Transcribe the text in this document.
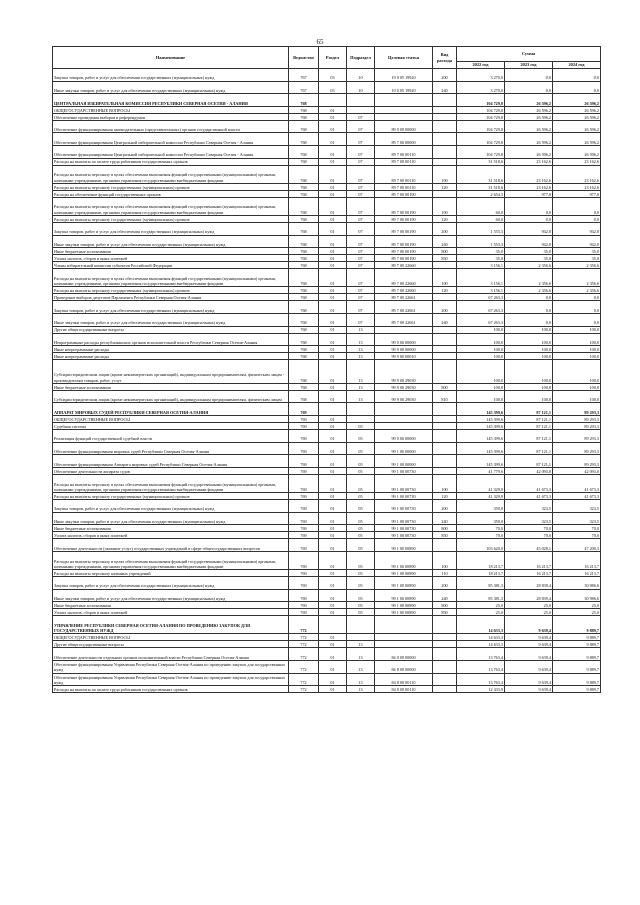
65
Наименование	Ведомство	Раздел	Подраздел	Целевая статья	Вид расхода	Сумма		
						2022 год	2023 год	2024 год
Закупка товаров, работ и услуг для обеспечения государственных (муниципальных) нужд	767	03	10	19 0 05 19920	200	3 270,0	0,0	0,0
Иные закупки товаров, работ и услуг для обеспечения государственных (муниципальных) нужд	767	03	10	19 0 05 19920	240	3 270,0	0,0	0,0
ЦЕНТРАЛЬНАЯ ИЗБИРАТЕЛЬНАЯ КОМИССИЯ РЕСПУБЛИКИ СЕВЕРНАЯ ОСЕТИЯ - АЛАНИЯ	768					104 729,8	26 596,2	26 596,2
ОБЩЕГОСУДАРСТВЕННЫЕ ВОПРОСЫ	768	01				104 729,8	26 596,2	26 596,2
Обеспечение проведения выборов и референдумов	768	01	07			104 729,8	26 596,2	26 596,2
Обеспечение функционирования законодательных (представительных) органов государственной власти	768	01	07	89 0 00 00000		104 729,8	26 596,2	26 596,2
Обеспечение функционирования Центральной избирательной комиссии Республики Северная Осетия - Алания	768	01	07	89 7 00 00000		104 729,8	26 596,2	26 596,2
Обеспечение функционирования Центральной избирательной комиссии Республики Северная Осетия - Алания	768	01	07	89 7 00 00110		104 729,8	26 596,2	26 596,2
Расходы на выплаты по оплате труда работников государственных органов	768	01	07	89 7 00 00110		31 518,6	23 162,6	23 162,6
Расходы на выплаты персоналу в целях обеспечения выполнения функций государственными (муниципальными) органами, казенными учреждениями, органами управления государственными внебюджетными фондами	768	01	07	89 7 00 00110	100	31 518,6	23 162,6	23 162,6
Расходы на выплаты персоналу государственных (муниципальных) органов	768	01	07	89 7 00 00110	120	31 518,6	23 162,6	23 162,6
Расходы на обеспечение функций государственных органов	768	01	07	89 7 00 00190		2 654,3	977,0	977,0
Расходы на выплаты персоналу в целях обеспечения выполнения функций государственными (муниципальными) органами, казенными учреждениями, органами управления государственными внебюджетными фондами	768	01	07	89 7 00 00190	100	60,0	0,0	0,0
Расходы на выплаты персоналу государственных (муниципальных) органов	768	01	07	89 7 00 00190	120	60,0	0,0	0,0
Закупка товаров, работ и услуг для обеспечения государственных (муниципальных) нужд	768	01	07	89 7 00 00190	200	1 553,3	942,0	942,0
Иные закупки товаров, работ и услуг для обеспечения государственных (муниципальных) нужд	768	01	07	89 7 00 00190	240	1 553,3	942,0	942,0
Иные бюджетные ассигнования	768	01	07	89 7 00 00190	800	35,0	35,0	35,0
Уплата налогов, сборов и иных платежей	768	01	07	89 7 00 00190	850	35,0	35,0	35,0
Члены избирательной комиссии субъектов Российской Федерации	768	01	07	89 7 00 22660		3 156,1	2 356,6	2 356,6
Расходы на выплаты персоналу в целях обеспечения выполнения функций государственными (муниципальными) органами, казенными учреждениями, органами управления государственными внебюджетными фондами	768	01	07	89 7 00 22660	100	3 156,1	2 356,6	2 356,6
Расходы на выплаты персоналу государственных (муниципальных) органов	768	01	07	89 7 00 22660	120	3 156,1	2 356,6	2 356,6
Проведение выборов депутатов Парламента Республики Северная Осетия-Алания	768	01	07	89 7 00 22661		67 263,3	0,0	0,0
Закупка товаров, работ и услуг для обеспечения государственных (муниципальных) нужд	768	01	07	89 7 00 22661	200	67 263,3	0,0	0,0
Иные закупки товаров, работ и услуг для обеспечения государственных (муниципальных) нужд	768	01	07	89 7 00 22661	240	67 263,3	0,0	0,0
Другие общегосударственные вопросы	768	01	13			100,0	100,0	100,0
Непрограммные расходы республиканских органов исполнительной власти Республики Северная Осетия-Алания	768	01	13	99 0 00 00000		100,0	100,0	100,0
Иные непрограммные расходы	768	01	13	99 9 00 00000		100,0	100,0	100,0
Иные непрограммные расходы	768	01	13	99 9 00 00010		100,0	100,0	100,0
Субсидии юридическим лицам (кроме некоммерческих организаций), индивидуальным предпринимателям, физическим лицам - производителям товаров, работ, услуг	768	01	13	99 9 00 29030		100,0	100,0	100,0
Иные бюджетные ассигнования	768	01	13	99 9 00 29030	800	100,0	100,0	100,0
Субсидии юридическим лицам (кроме некоммерческих организаций), индивидуальным предпринимателям, физическим лицам	768	01	13	99 9 00 29030	810	100,0	100,0	100,0
АППАРАТ МИРОВЫХ СУДЕЙ РЕСПУБЛИКИ СЕВЕРНАЯ ОСЕТИЯ-АЛАНИЯ	769					145 399,6	87 121,1	89 293,3
ОБЩЕГОСУДАРСТВЕННЫЕ ВОПРОСЫ	769	01				145 399,6	87 121,1	89 293,3
Судебная система	769	01	05			145 399,6	87 121,1	89 293,3
Реализация функций государственной судебной власти	769	01	05	99 0 00 00000		145 399,6	87 121,1	89 293,3
Обеспечение функционирования мировых судей Республики Северная Осетия-Алания	769	01	05	99 1 00 00000		145 399,6	87 121,1	89 293,3
Обеспечение функционирования Аппарата мировых судей Республики Северная Осетия-Алания	769	01	05	99 1 00 00000		145 399,6	87 121,1	89 293,3
Обеспечение деятельности аппарата судов	769	01	05	99 1 00 00730		41 779,6	42 093,0	42 093,0
Расходы на выплаты персоналу в целях обеспечения выполнения функций государственными (муниципальными) органами, казенными учреждениями, органами управления государственными внебюджетными фондами	769	01	05	99 1 00 00730	100	41 329,9	41 673,3	41 673,3
Расходы на выплаты персоналу государственных (муниципальных) органов	769	01	05	99 1 00 00730	120	41 329,9	41 673,3	41 673,3
Закупка товаров, работ и услуг для обеспечения государственных (муниципальных) нужд	769	01	05	99 1 00 00730	200	350,0	323,5	323,5
Иные закупки товаров, работ и услуг для обеспечения государственных (муниципальных) нужд	769	01	05	99 1 00 00730	240	350,0	323,5	323,5
Иные бюджетные ассигнования	769	01	05	99 1 00 00730	800	70,0	70,0	70,0
Уплата налогов, сборов и иных платежей	769	01	05	99 1 00 00730	850	70,0	70,0	70,0
Обеспечение деятельности (оказание услуг) государственных учреждений в сфере общегосударственных вопросов	769	01	05	99 1 00 00890		103 620,0	45 028,1	47 200,3
Расходы на выплаты персоналу в целях обеспечения выполнения функций государственными (муниципальными) органами, казенными учреждениями, органами управления государственными внебюджетными фондами	769	01	05	99 1 00 00890	100	18 213,7	16 213,7	16 213,7
Расходы на выплаты персоналу казенных учреждений	769	01	05	99 1 00 00890	110	18 213,7	16 213,7	16 213,7
Закупка товаров, работ и услуг для обеспечения государственных (муниципальных) нужд	769	01	05	99 1 00 00890	200	85 381,3	28 839,4	30 986,6
Иные закупки товаров, работ и услуг для обеспечения государственных (муниципальных) нужд	769	01	05	99 1 00 00890	240	85 381,3	28 839,4	30 986,6
Иные бюджетные ассигнования	769	01	05	99 1 00 00890	800	25,0	25,0	25,0
Уплата налогов, сборов и иных платежей	769	01	05	99 1 00 00890	850	25,0	25,0	25,0
УПРАВЛЕНИЕ РЕСПУБЛИКИ СЕВЕРНАЯ ОСЕТИЯ-АЛАНИЯ ПО ПРОВЕДЕНИЮ ЗАКУПОК ДЛЯ ГОСУДАРСТВЕННЫХ НУЖД	772					14 633,3	9 639,4	9 889,7
ОБЩЕГОСУДАРСТВЕННЫЕ ВОПРОСЫ	772	01				14 633,3	9 639,4	9 889,7
Другие общегосударственные вопросы	772	01	13			14 633,3	9 639,4	9 889,7
Обеспечение деятельности отдельных органов исполнительной власти Республики Северная Осетия-Алания	772	01	13	84 0 00 00000		13 763,4	9 639,4	9 889,7
Обеспечение функционирования Управления Республики Северная Осетия-Алания по проведению закупок для государственных нужд	772	01	13	84 8 00 00000		13 763,4	9 639,4	9 889,7
Обеспечение функционирования Управления Республики Северная Осетия-Алания по проведению закупок для государственных нужд	772	01	13	84 8 00 00110		13 763,4	9 639,4	9 889,7
Расходы на выплаты по оплате труда работников государственных органов	772	01	13	84 8 00 00110		12 433,9	9 639,4	9 889,7
